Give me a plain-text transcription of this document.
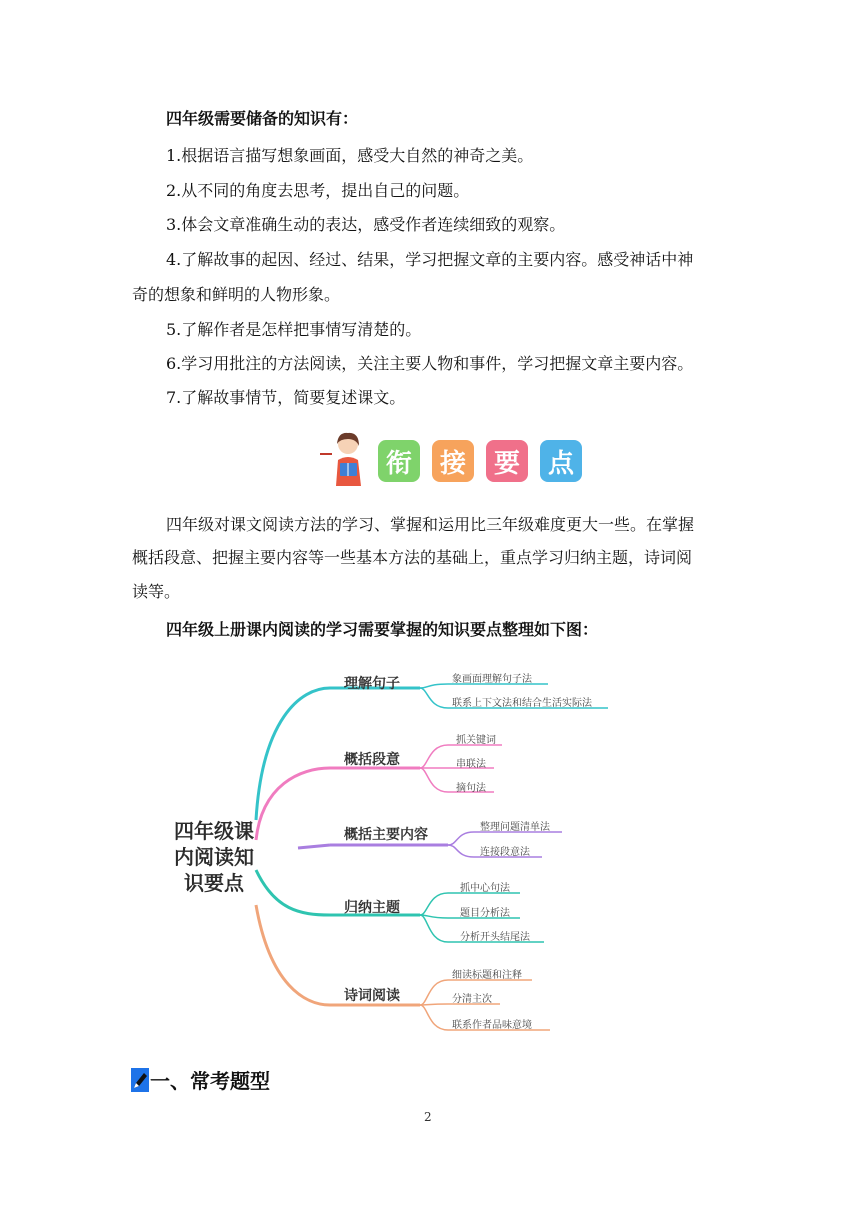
四年级需要储备的知识有：
1.根据语言描写想象画面，感受大自然的神奇之美。
2.从不同的角度去思考，提出自己的问题。
3.体会文章准确生动的表达，感受作者连续细致的观察。
4.了解故事的起因、经过、结果，学习把握文章的主要内容。感受神话中神
奇的想象和鲜明的人物形象。
5.了解作者是怎样把事情写清楚的。
6.学习用批注的方法阅读，关注主要人物和事件，学习把握文章主要内容。
7.了解故事情节，简要复述课文。
衔	接	要	点
四年级对课文阅读方法的学习、掌握和运用比三年级难度更大一些。在掌握
概括段意、把握主要内容等一些基本方法的基础上，重点学习归纳主题，诗词阅
读等。
四年级上册课内阅读的学习需要掌握的知识要点整理如下图：
四年级课
内阅读知
识要点
理解句子
概括段意
概括主要内容
归纳主题
诗词阅读
象画面理解句子法
联系上下文法和结合生活实际法
抓关键词
串联法
摘句法
整理问题清单法
连接段意法
抓中心句法
题目分析法
分析开头结尾法
细读标题和注释
分清主次
联系作者品味意境
一、常考题型
2
